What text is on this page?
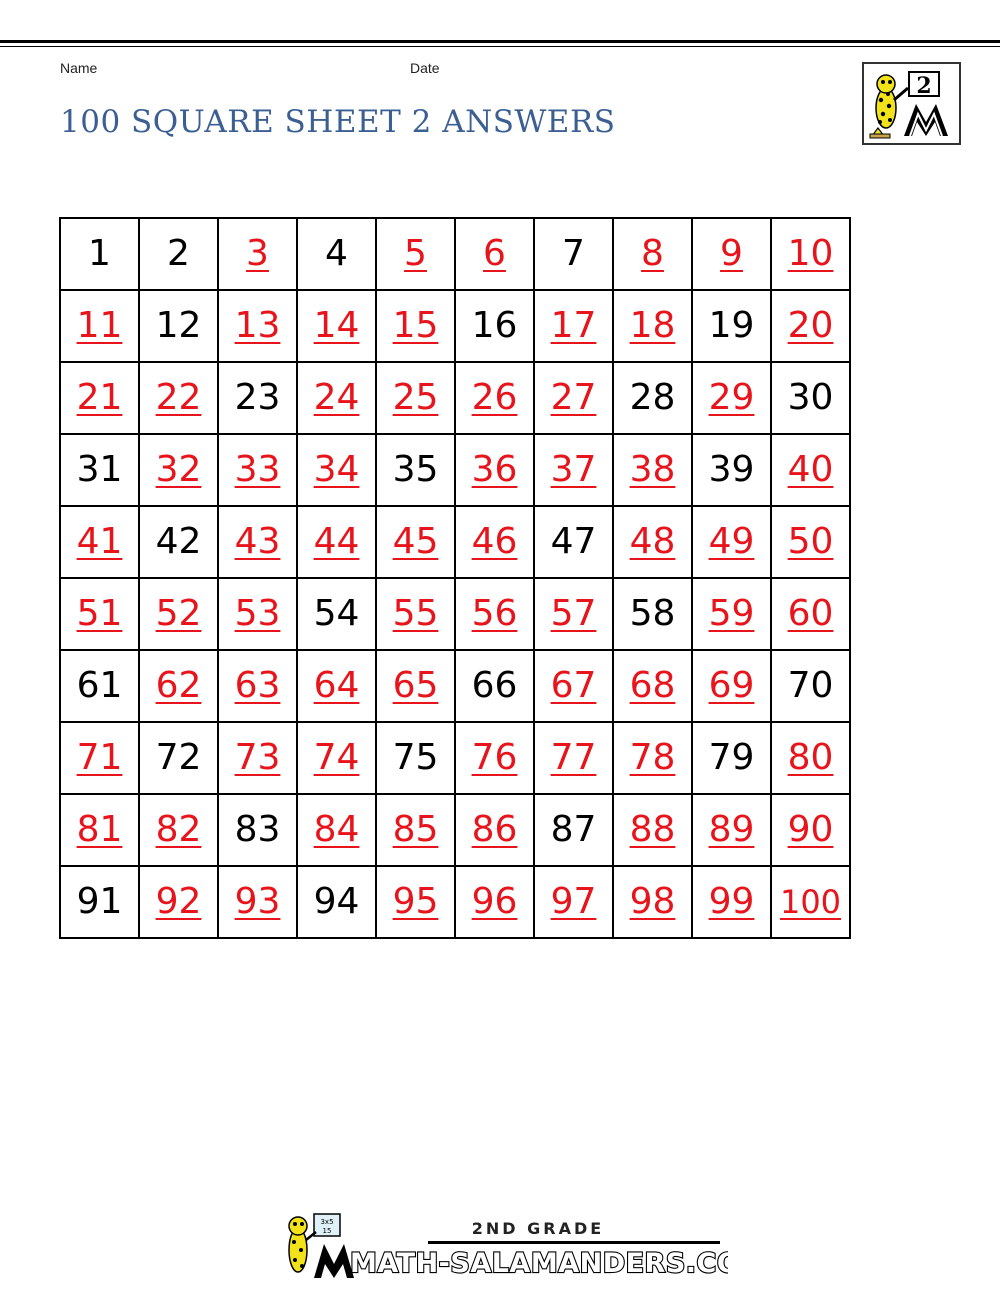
Name	Date
100 SQUARE SHEET 2 ANSWERS
2
1	2	3	4	5	6	7	8	9	10
11	12	13	14	15	16	17	18	19	20
21	22	23	24	25	26	27	28	29	30
31	32	33	34	35	36	37	38	39	40
41	42	43	44	45	46	47	48	49	50
51	52	53	54	55	56	57	58	59	60
61	62	63	64	65	66	67	68	69	70
71	72	73	74	75	76	77	78	79	80
81	82	83	84	85	86	87	88	89	90
91	92	93	94	95	96	97	98	99	100
3x5
15	2ND GRADE
MATH-SALAMANDERS.COM
